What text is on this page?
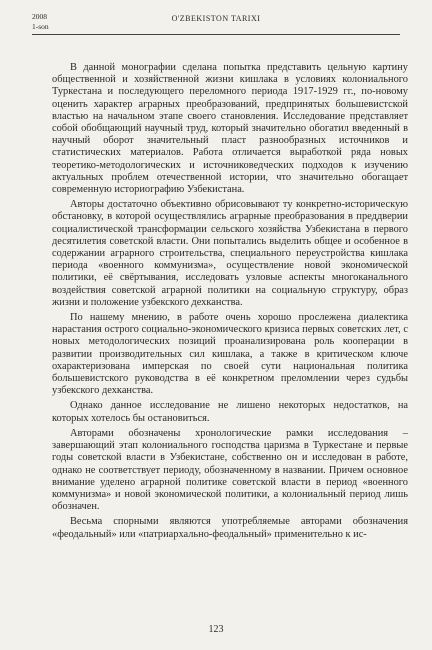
2008
1-son
O'ZBEKISTON TARIXI

В данной монографии сделана попытка представить цельную картину общественной и хозяйственной жизни кишлака в условиях колониального Туркестана и последующего переломного периода 1917-1929 гг., по-новому оценить характер аграрных преобразований, предпринятых большевистской властью на начальном этапе своего становления. Исследование представляет собой обобщающий научный труд, который значительно обогатил введенный в научный оборот значительный пласт разнообразных источников и статистических материалов. Работа отличается выработкой ряда новых теоретико-методологических и источниковедческих подходов к изучению актуальных проблем отечественной истории, что значительно обогащает современную историографию Узбекистана.

Авторы достаточно объективно обрисовывают ту конкретно-историческую обстановку, в которой осуществлялись аграрные преобразования в преддверии социалистической трансформации сельского хозяйства Узбекистана в первого десятилетия советской власти. Они попытались выделить общее и особенное в содержании аграрного строительства, специального переустройства кишлака периода «военного коммунизма», осуществление новой экономической политики, её свёртывания, исследовать узловые аспекты многоканального воздействия советской аграрной политики на социальную структуру, образ жизни и положение узбекского дехканства.

По нашему мнению, в работе очень хорошо прослежена диалектика нарастания острого социально-экономического кризиса первых советских лет, с новых методологических позиций проанализирована роль кооперации в развитии производительных сил кишлака, а также в критическом ключе охарактеризована имперская по своей сути национальная политика большевистского руководства в её конкретном преломлении через судьбы узбекского дехканства.

Однако данное исследование не лишено некоторых недостатков, на которых хотелось бы остановиться.

Авторами обозначены хронологические рамки исследования – завершающий этап колониального господства царизма в Туркестане и первые годы советской власти в Узбекистане, собственно он и исследован в работе, однако не соответствует периоду, обозначенному в названии. Причем основное внимание уделено аграрной политике советской власти в период «военного коммунизма» и новой экономической политики, а колониальный период лишь обозначен.

Весьма спорными являются употребляемые авторами обозначения «феодальный» или «патриархально-феодальный» применительно к ис-

123
